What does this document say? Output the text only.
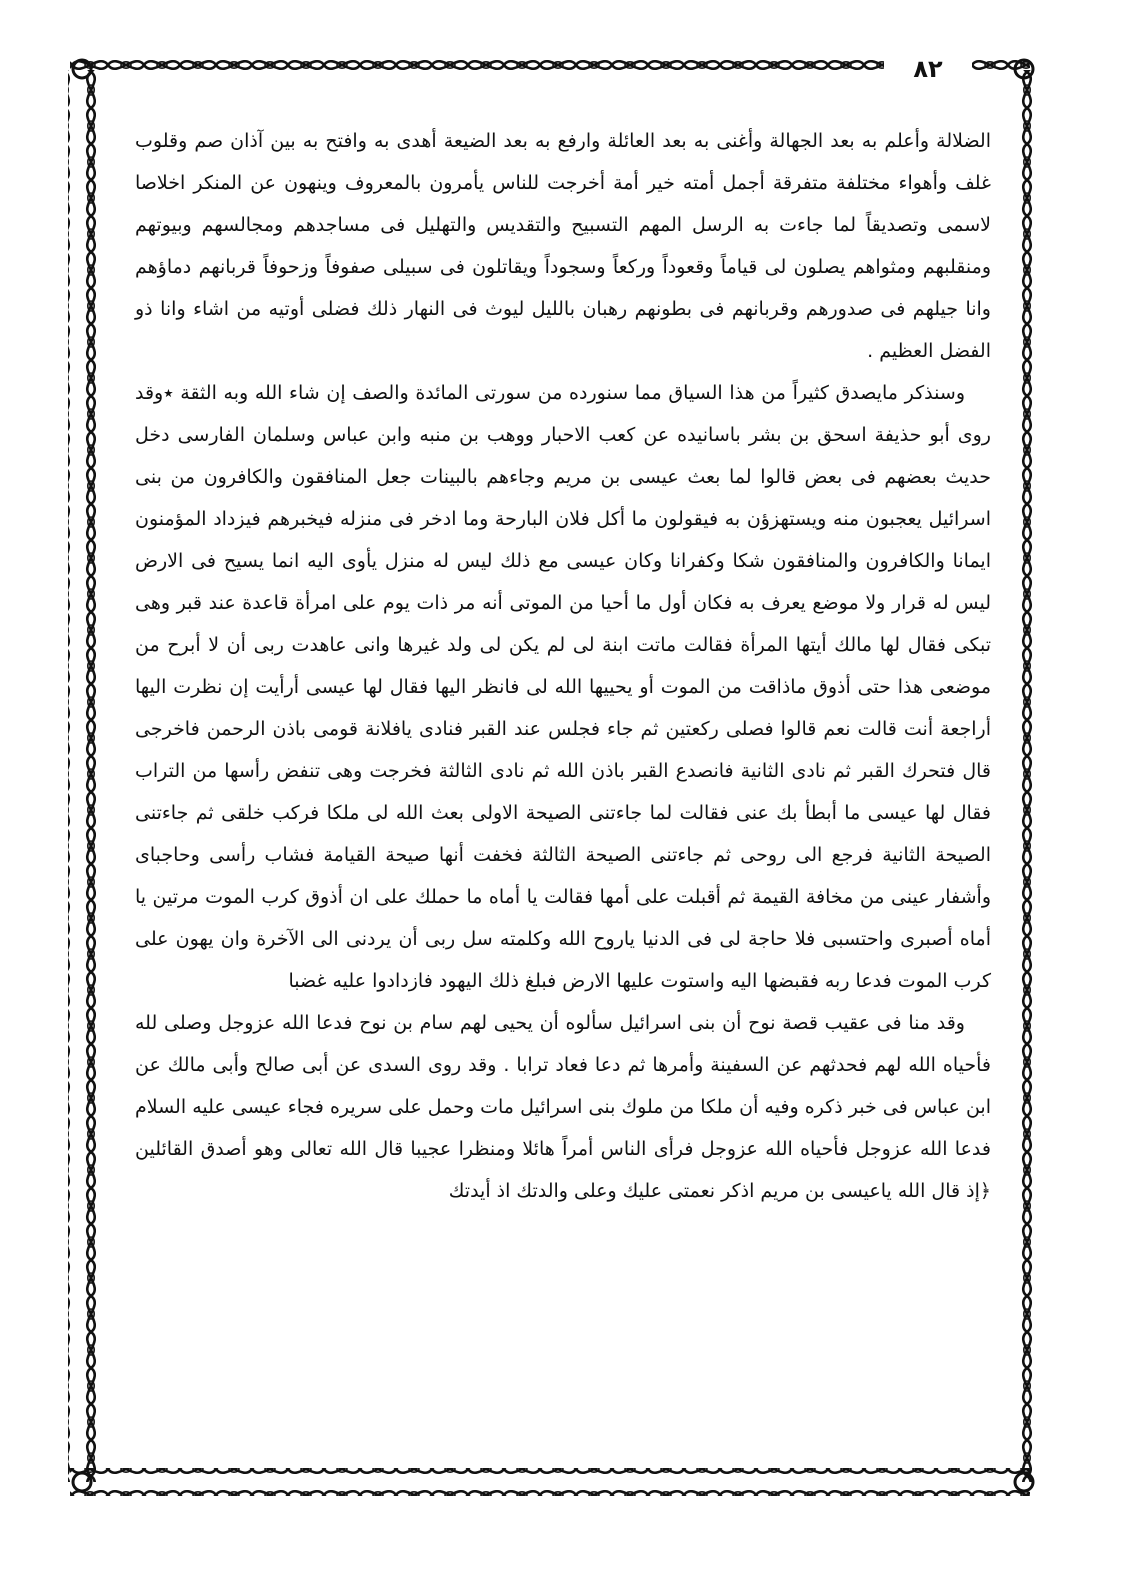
٨٢

الضلالة وأعلم به بعد الجهالة وأغنى به بعد العائلة وارفع به بعد الضيعة أهدى به وافتح به بين آذان صم وقلوب غلف وأهواء مختلفة متفرقة أجمل أمته خير أمة أخرجت للناس يأمرون بالمعروف وينهون عن المنكر اخلاصا لاسمى وتصديقاً لما جاءت به الرسل المهم التسبيح والتقديس والتهليل فى مساجدهم ومجالسهم وبيوتهم ومنقلبهم ومثواهم يصلون لى قياماً وقعوداً وركعاً وسجوداً ويقاتلون فى سبيلى صفوفاً وزحوفاً قربانهم دماؤهم وانا جيلهم فى صدورهم وقربانهم فى بطونهم رهبان بالليل ليوث فى النهار ذلك فضلى أوتيه من اشاء وانا ذو الفضل العظيم .

وسنذكر مايصدق كثيراً من هذا السياق مما سنورده من سورتى المائدة والصف إن شاء الله وبه الثقة ٭وقد روى أبو حذيفة اسحق بن بشر باسانيده عن كعب الاحبار ووهب بن منبه وابن عباس وسلمان الفارسى دخل حديث بعضهم فى بعض قالوا لما بعث عيسى بن مريم وجاءهم بالبينات جعل المنافقون والكافرون من بنى اسرائيل يعجبون منه ويستهزؤن به فيقولون ما أكل فلان البارحة وما ادخر فى منزله فيخبرهم فيزداد المؤمنون ايمانا والكافرون والمنافقون شكا وكفرانا وكان عيسى مع ذلك ليس له منزل يأوى اليه انما يسيح فى الارض ليس له قرار ولا موضع يعرف به فكان أول ما أحيا من الموتى أنه مر ذات يوم على امرأة قاعدة عند قبر وهى تبكى فقال لها مالك أيتها المرأة فقالت ماتت ابنة لى لم يكن لى ولد غيرها وانى عاهدت ربى أن لا أبرح من موضعى هذا حتى أذوق ماذاقت من الموت أو يحييها الله لى فانظر اليها فقال لها عيسى أرأيت إن نظرت اليها أراجعة أنت قالت نعم قالوا فصلى ركعتين ثم جاء فجلس عند القبر فنادى يافلانة قومى باذن الرحمن فاخرجى قال فتحرك القبر ثم نادى الثانية فانصدع القبر باذن الله ثم نادى الثالثة فخرجت وهى تنفض رأسها من التراب فقال لها عيسى ما أبطأ بك عنى فقالت لما جاءتنى الصيحة الاولى بعث الله لى ملكا فركب خلقى ثم جاءتنى الصيحة الثانية فرجع الى روحى ثم جاءتنى الصيحة الثالثة فخفت أنها صيحة القيامة فشاب رأسى وحاجباى وأشفار عينى من مخافة القيمة ثم أقبلت على أمها فقالت يا أماه ما حملك على ان أذوق كرب الموت مرتين يا أماه أصبرى واحتسبى فلا حاجة لى فى الدنيا ياروح الله وكلمته سل ربى أن يردنى الى الآخرة وان يهون على كرب الموت فدعا ربه فقبضها اليه واستوت عليها الارض فبلغ ذلك اليهود فازدادوا عليه غضبا

وقد منا فى عقيب قصة نوح أن بنى اسرائيل سألوه أن يحيى لهم سام بن نوح فدعا الله عزوجل وصلى لله فأحياه الله لهم فحدثهم عن السفينة وأمرها ثم دعا فعاد ترابا . وقد روى السدى عن أبى صالح وأبى مالك عن ابن عباس فى خبر ذكره وفيه أن ملكا من ملوك بنى اسرائيل مات وحمل على سريره فجاء عيسى عليه السلام فدعا الله عزوجل فأحياه الله عزوجل فرأى الناس أمراً هائلا ومنظرا عجيبا قال الله تعالى وهو أصدق القائلين ﴿إذ قال الله ياعيسى بن مريم اذكر نعمتى عليك وعلى والدتك اذ أيدتك
